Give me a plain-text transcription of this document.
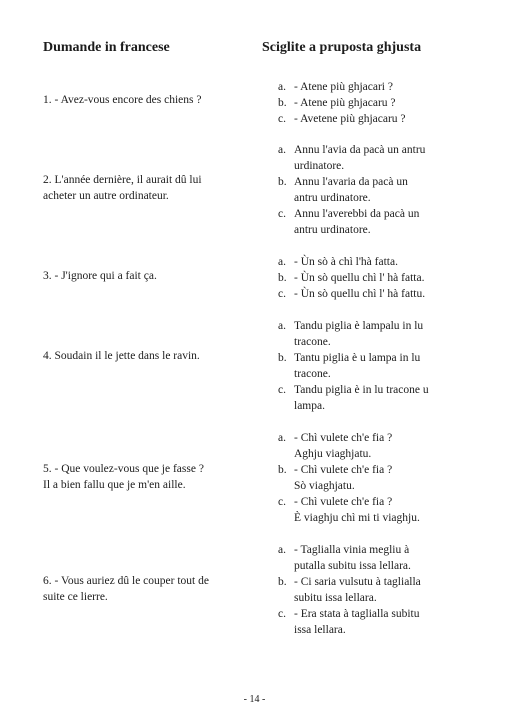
Dumande in francese	Sciglite a pruposta ghjusta
1. - Avez-vous encore des chiens ?
a. - Atene più ghjacari ?
b. - Atene più ghjacaru ?
c. - Avetene più ghjacaru ?
2. L'année dernière, il aurait dû lui
acheter un autre ordinateur.
a. Annu l'avia da pacà un antru
urdinatore.
b. Annu l'avaria da pacà un
antru urdinatore.
c. Annu l'averebbi da pacà un
antru urdinatore.
3. - J'ignore qui a fait ça.
a. - Ùn sò à chì l'hà fatta.
b. - Ùn sò quellu chì l' hà fatta.
c. - Ùn sò quellu chì l' hà fattu.
4. Soudain il le jette dans le ravin.
a. Tandu piglia è lampalu in lu
tracone.
b. Tantu piglia è u lampa in lu
tracone.
c. Tandu piglia è in lu tracone u
lampa.
5. - Que voulez-vous que je fasse ?
Il a bien fallu que je m'en aille.
a. - Chì vulete ch'e fia ?
Aghju viaghjatu.
b. - Chì vulete ch'e fia ?
Sò viaghjatu.
c. - Chì vulete ch'e fia ?
È viaghju chì mi ti viaghju.
6. - Vous auriez dû le couper tout de
suite ce lierre.
a. - Taglialla vinia megliu à
putalla subitu issa lellara.
b. - Ci saria vulsutu à taglialla
subitu issa lellara.
c. - Era stata à taglialla subitu
issa lellara.
- 14 -
